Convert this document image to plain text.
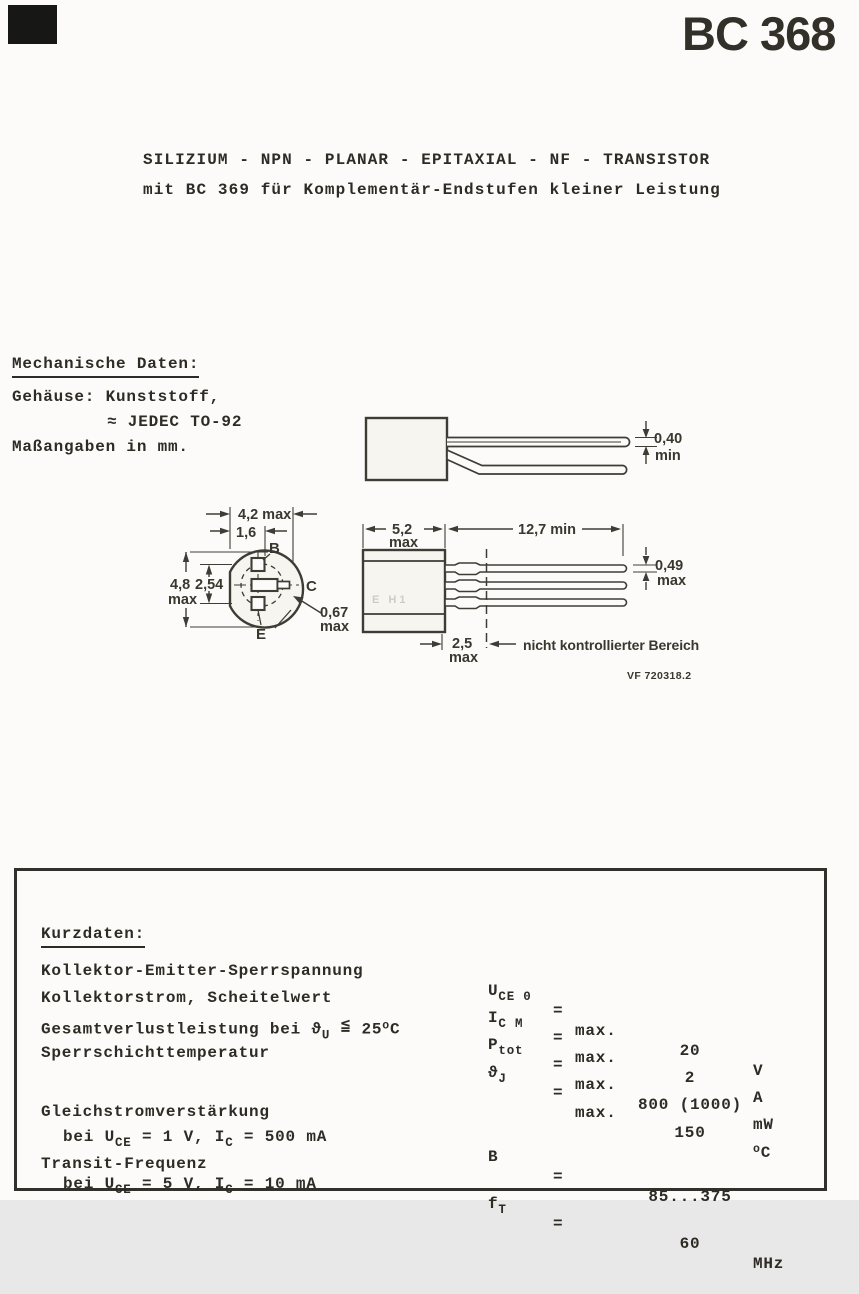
BC 368
SILIZIUM - NPN - PLANAR - EPITAXIAL - NF - TRANSISTOR
mit BC 369 für Komplementär-Endstufen kleiner Leistung
Mechanische Daten:
Gehäuse: Kunststoff,
≈ JEDEC TO-92
Maßangaben in mm.	0,40
min
B
C
E
4,2 max
1,6
4,8
max
2,54
0,67
max
E H1
5,2
max
12,7 min
0,49
max
2,5
max
nicht kontrollierter Bereich
VF 720318.2

Kurzdaten:

Kollektor-Emitter-Sperrspannung

$U_{CE 0}$

=

max.

20

V

Kollektorstrom, Scheitelwert

$I_{C M}$

=

max.

2

A

Gesamtverlustleistung bei $ϑ_U$ ≦ 25$^o$C

$P_{tot}$

=

max.

800 (1000)

mW

Sperrschichttemperatur

$ϑ_J$

=

max.

150

$^o$C

Gleichstromverstärkung

bei $U_{CE} = 1$ V, $I_C = 500$ mA

B

=

85...375

Transit-Frequenz

bei $U_{CE} = 5$ V, $I_C = 10$ mA

$f_T$

=

60

MHz
